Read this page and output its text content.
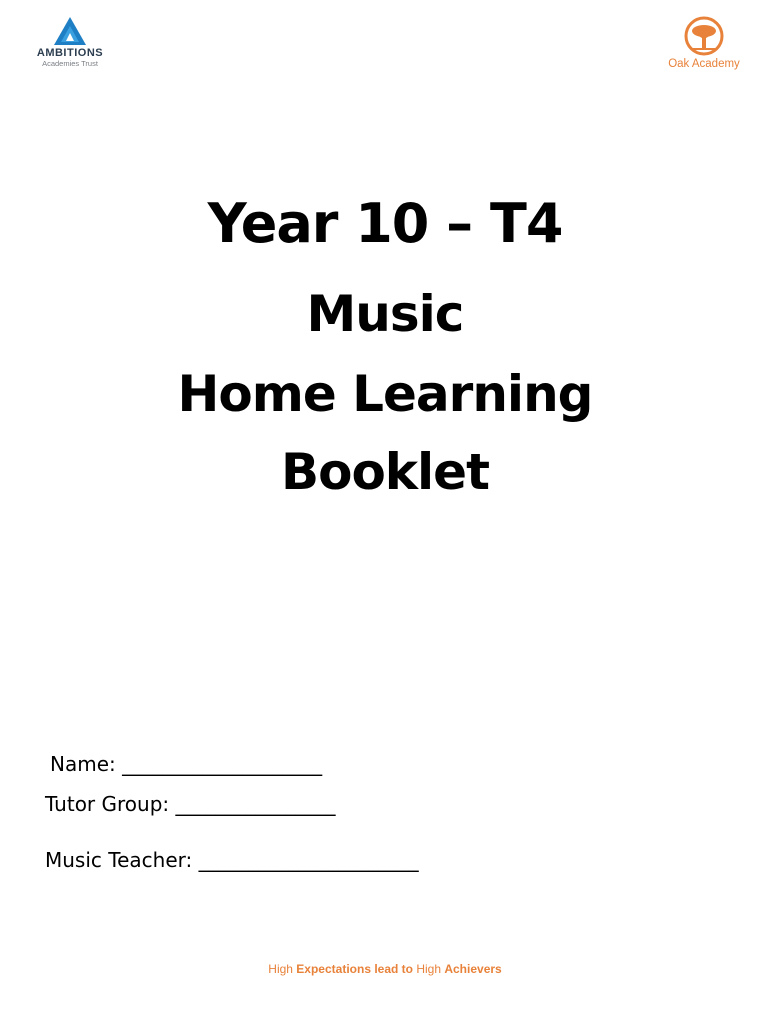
AMBITIONS
Academies Trust	Oak Academy
Year 10 – T4
Music
Home Learning
Booklet
Name: ____________________
Tutor Group: ________________
Music Teacher: ______________________
High Expectations lead to High Achievers
